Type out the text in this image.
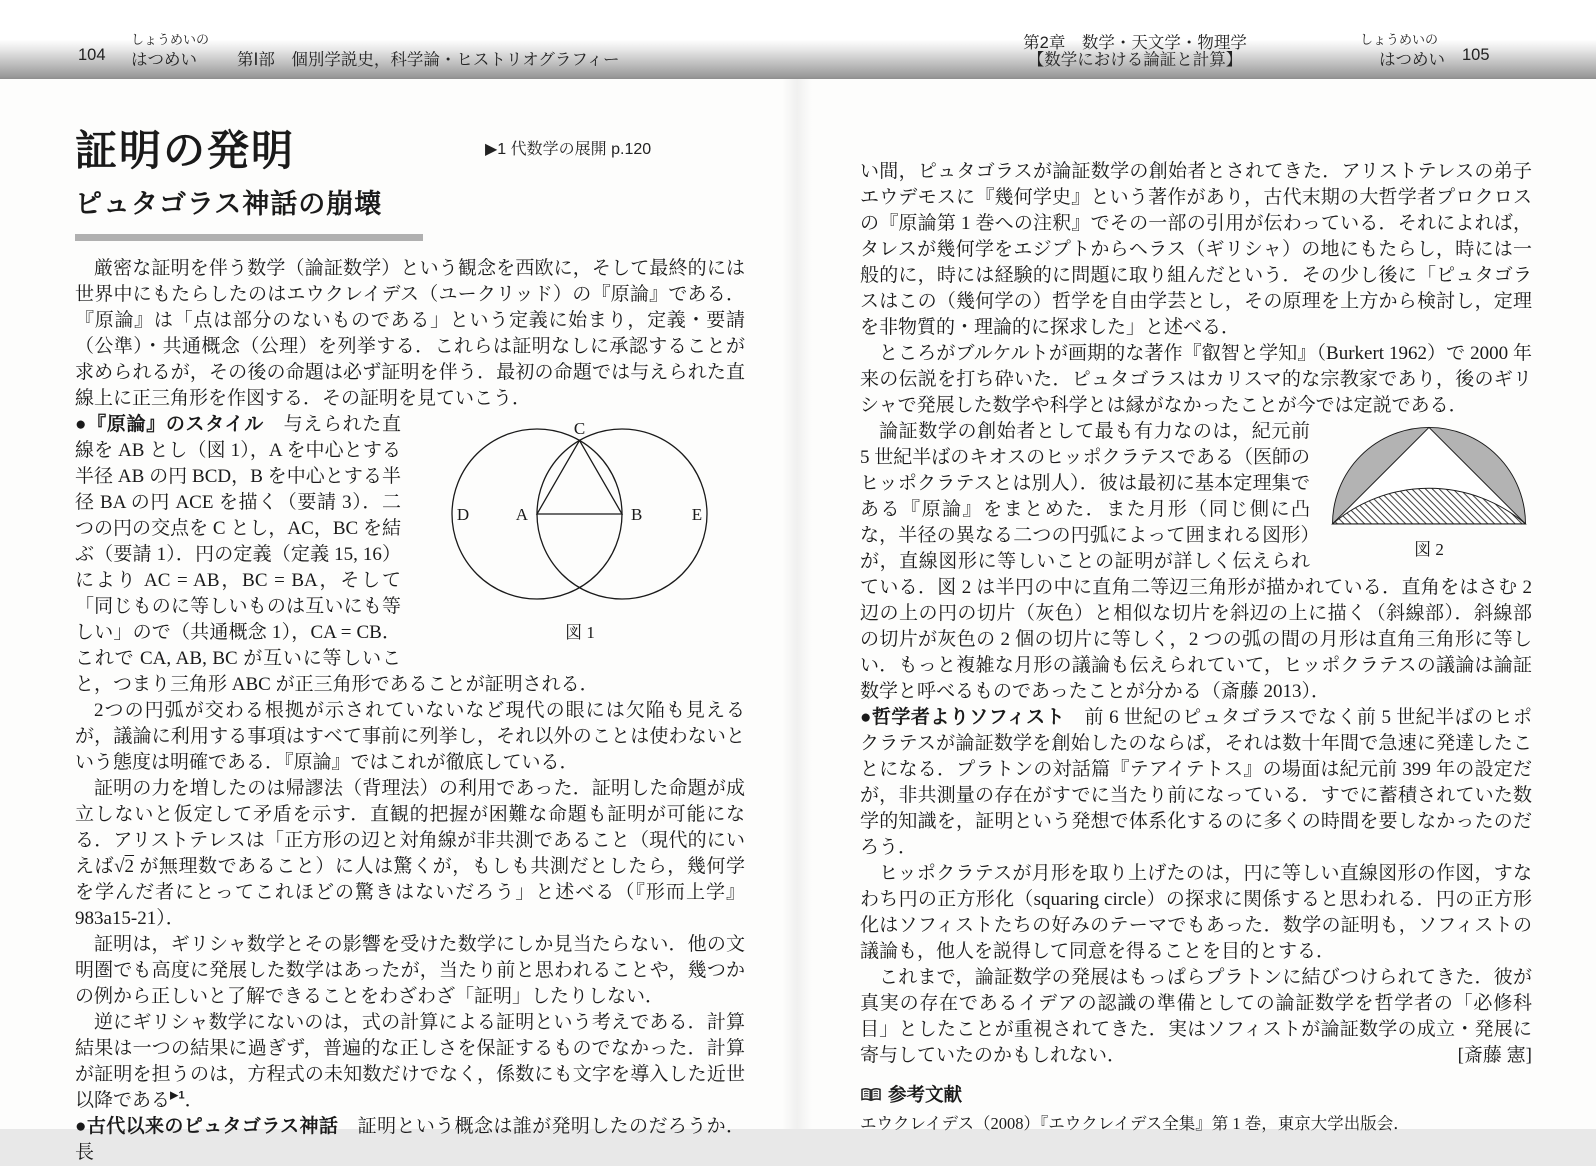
104
しょうめいの
はつめい 第Ⅰ部　個別学説史，科学論・ヒストリオグラフィー
第2章　数学・天文学・物理学
【数学における論証と計算】
しょうめいの
はつめい 105
証明の発明	▶1 代数学の展開 p.120
ピュタゴラス神話の崩壊

厳密な証明を伴う数学（論証数学）という観念を西欧に，そして最終的には世界中にもたらしたのはエウクレイデス（ユークリッド）の『原論』である．『原論』は「点は部分のないものである」という定義に始まり，定義・要請（公準）・共通概念（公理）を列挙する．これらは証明なしに承認することが求められるが，その後の命題は必ず証明を伴う．最初の命題では与えられた直線上に正三角形を作図する．その証明を見ていこう．

C
A	B
D	E
図 1

●『原論』のスタイル　与えられた直線を AB とし（図 1），A を中心とする半径 AB の円 BCD，B を中心とする半径 BA の円 ACE を描く（要請 3）．二つの円の交点を C とし，AC，BC を結ぶ（要請 1）．円の定義（定義 15, 16）により AC = AB，BC = BA，そして「同じものに等しいものは互いにも等しい」ので（共通概念 1），CA = CB．これで CA, AB, BC が互いに等しいこと，つまり三角形 ABC が正三角形であることが証明される．

2つの円弧が交わる根拠が示されていないなど現代の眼には欠陥も見えるが，議論に利用する事項はすべて事前に列挙し，それ以外のことは使わないという態度は明確である．『原論』ではこれが徹底している．

証明の力を増したのは帰謬法（背理法）の利用であった．証明した命題が成立しないと仮定して矛盾を示す．直観的把握が困難な命題も証明が可能になる．アリストテレスは「正方形の辺と対角線が非共測であること（現代的にいえば√2 が無理数であること）に人は驚くが，もしも共測だとしたら，幾何学を学んだ者にとってこれほどの驚きはないだろう」と述べる（『形而上学』983a15-21）．

証明は，ギリシャ数学とその影響を受けた数学にしか見当たらない．他の文明圏でも高度に発展した数学はあったが，当たり前と思われることや，幾つかの例から正しいと了解できることをわざわざ「証明」したりしない．

逆にギリシャ数学にないのは，式の計算による証明という考えである．計算結果は一つの結果に過ぎず，普遍的な正しさを保証するものでなかった．計算が証明を担うのは，方程式の未知数だけでなく，係数にも文字を導入した近世以降である$^{▶1}$．

●古代以来のピュタゴラス神話　証明という概念は誰が発明したのだろうか．長

い間，ピュタゴラスが論証数学の創始者とされてきた．アリストテレスの弟子エウデモスに『幾何学史』という著作があり，古代末期の大哲学者プロクロスの『原論第 1 巻への注釈』でその一部の引用が伝わっている．それによれば，タレスが幾何学をエジプトからヘラス（ギリシャ）の地にもたらし，時には一般的に，時には経験的に問題に取り組んだという．その少し後に「ピュタゴラスはこの（幾何学の）哲学を自由学芸とし，その原理を上方から検討し，定理を非物質的・理論的に探求した」と述べる．

ところがブルケルトが画期的な著作『叡智と学知』（Burkert 1962）で 2000 年来の伝説を打ち砕いた．ピュタゴラスはカリスマ的な宗教家であり，後のギリシャで発展した数学や科学とは縁がなかったことが今では定説である．

図 2

論証数学の創始者として最も有力なのは，紀元前 5 世紀半ばのキオスのヒッポクラテスである（医師のヒッポクラテスとは別人）．彼は最初に基本定理集である『原論』をまとめた．また月形（同じ側に凸な，半径の異なる二つの円弧によって囲まれる図形）が，直線図形に等しいことの証明が詳しく伝えられている．図 2 は半円の中に直角二等辺三角形が描かれている．直角をはさむ 2 辺の上の円の切片（灰色）と相似な切片を斜辺の上に描く（斜線部）．斜線部の切片が灰色の 2 個の切片に等しく，2 つの弧の間の月形は直角三角形に等しい．もっと複雑な月形の議論も伝えられていて，ヒッポクラテスの議論は論証数学と呼べるものであったことが分かる（斎藤 2013）．

●哲学者よりソフィスト　前 6 世紀のピュタゴラスでなく前 5 世紀半ばのヒポクラテスが論証数学を創始したのならば，それは数十年間で急速に発達したことになる．プラトンの対話篇『テアイテトス』の場面は紀元前 399 年の設定だが，非共測量の存在がすでに当たり前になっている．すでに蓄積されていた数学的知識を，証明という発想で体系化するのに多くの時間を要しなかったのだろう．

ヒッポクラテスが月形を取り上げたのは，円に等しい直線図形の作図，すなわち円の正方形化（squaring circle）の探求に関係すると思われる．円の正方形化はソフィストたちの好みのテーマでもあった．数学の証明も，ソフィストの議論も，他人を説得して同意を得ることを目的とする．

これまで，論証数学の発展はもっぱらプラトンに結びつけられてきた．彼が真実の存在であるイデアの認識の準備としての論証数学を哲学者の「必修科目」としたことが重視されてきた．実はソフィストが論証数学の成立・発展に寄与していたのかもしれない．	[斎藤 憲]

参考文献
エウクレイデス（2008）『エウクレイデス全集』第 1 巻，東京大学出版会．
